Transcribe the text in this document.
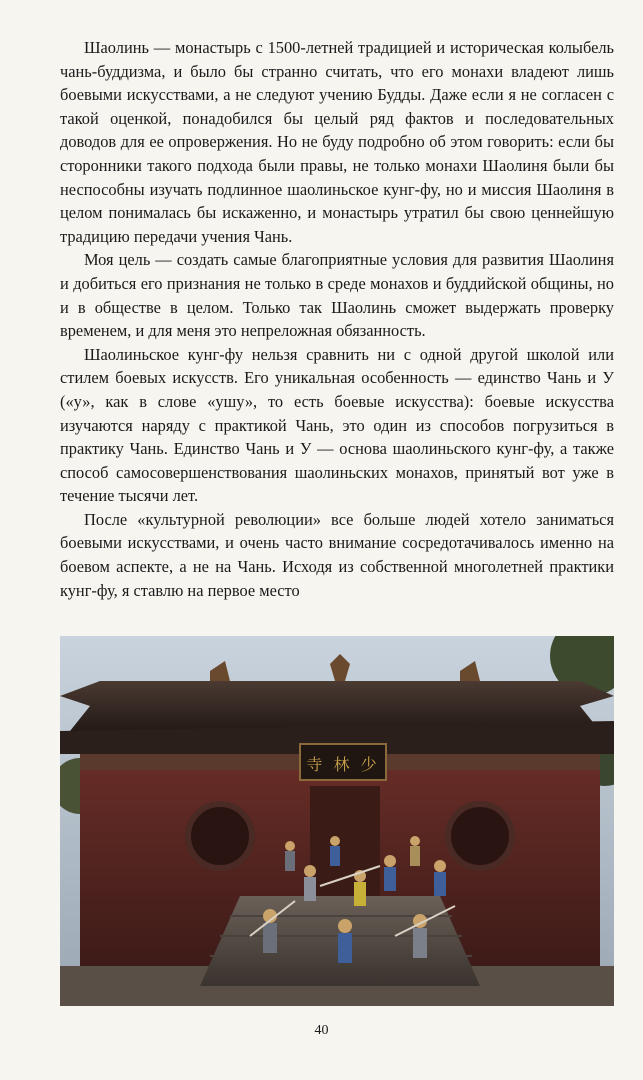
Шаолинь — монастырь с 1500-летней традицией и историческая колыбель чань-буддизма, и было бы странно считать, что его монахи владеют лишь боевыми искусствами, а не следуют учению Будды. Даже если я не согласен с такой оценкой, понадобился бы целый ряд фактов и последовательных доводов для ее опровержения. Но не буду подробно об этом говорить: если бы сторонники такого подхода были правы, не только монахи Шаолиня были бы неспособны изучать подлинное шаолиньское кунг-фу, но и миссия Шаолиня в целом понималась бы искаженно, и монастырь утратил бы свою ценнейшую традицию передачи учения Чань.

Моя цель — создать самые благоприятные условия для развития Шаолиня и добиться его признания не только в среде монахов и буддийской общины, но и в обществе в целом. Только так Шаолинь сможет выдержать проверку временем, и для меня это непреложная обязанность.

Шаолиньское кунг-фу нельзя сравнить ни с одной другой школой или стилем боевых искусств. Его уникальная особенность — единство Чань и У («у», как в слове «ушу», то есть боевые искусства): боевые искусства изучаются наряду с практикой Чань, это один из способов погрузиться в практику Чань. Единство Чань и У — основа шаолиньского кунг-фу, а также способ самосовершенствования шаолиньских монахов, принятый вот уже в течение тысячи лет.

После «культурной революции» все больше людей хотело заниматься боевыми искусствами, и очень часто внимание сосредотачивалось именно на боевом аспекте, а не на Чань. Исходя из собственной многолетней практики кунг-фу, я ставлю на первое место

寺 林 少
40
